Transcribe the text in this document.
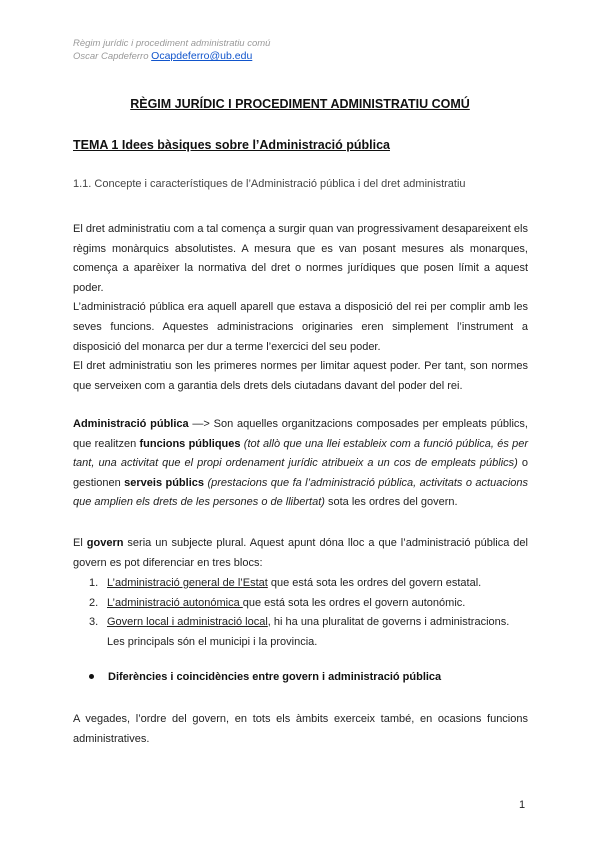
Règim jurídic i procediment administratiu comú
Oscar Capdeferro Ocapdeferro@ub.edu
RÈGIM JURÍDIC I PROCEDIMENT ADMINISTRATIU COMÚ
TEMA 1 Idees bàsiques sobre l’Administració pública
1.1. Concepte i característiques de l’Administració pública i del dret administratiu

El dret administratiu com a tal comença a surgir quan van progressivament desapareixent els règims monàrquics absolutistes. A mesura que es van posant mesures als monarques, comença a aparèixer la normativa del dret o normes jurídiques que posen límit a aquest poder.

L’administració pública era aquell aparell que estava a disposició del rei per complir amb les seves funcions. Aquestes administracions originaries eren simplement l’instrument a disposició del monarca per dur a terme l’exercici del seu poder.

El dret administratiu son les primeres normes per limitar aquest poder. Per tant, son normes que serveixen com a garantia dels drets dels ciutadans davant del poder del rei.

Administració pública —> Son aquelles organitzacions composades per empleats públics, que realitzen funcions públiques (tot allò que una llei estableix com a funció pública, és per tant, una activitat que el propi ordenament jurídic atribueix a un cos de empleats públics) o gestionen serveis públics (prestacions que fa l’administració pública, activitats o actuacions que amplien els drets de les persones o de llibertat) sota les ordres del govern.

El govern seria un subjecte plural. Aquest apunt dóna lloc a que l’administració pública del govern es pot diferenciar en tres blocs:

1. L’administració general de l’Estat que está sota les ordres del govern estatal.
2. L’administració autonómica que está sota les ordres el govern autonómic.
3. Govern local i administració local, hi ha una pluralitat de governs i administracions. Les principals són el municipi i la provincia.
Diferències i coincidències entre govern i administració pública

A vegades, l’ordre del govern, en tots els àmbits exerceix també, en ocasions funcions administratives.

1
